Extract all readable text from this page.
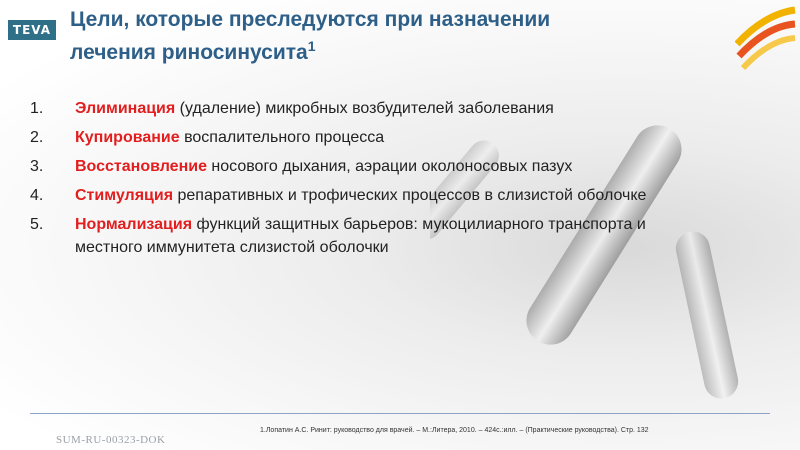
TEVA Цели, которые преследуются при назначении
лечения риносинусита$^1$
1.	Элиминация (удаление) микробных возбудителей заболевания
2.	Купирование воспалительного процесса
3.	Восстановление носового дыхания, аэрации околоносовых пазух
4.	Стимуляция репаративных и трофических процессов в слизистой оболочке
5.	Нормализация функций защитных барьеров: мукоцилиарного транспорта и местного иммунитета слизистой оболочки
SUM-RU-00323-DOK
1.Лопатин А.С. Ринит: руководство для врачей. – М.:Литера, 2010. – 424с.:илл. – (Практические руководства). Стр. 132
